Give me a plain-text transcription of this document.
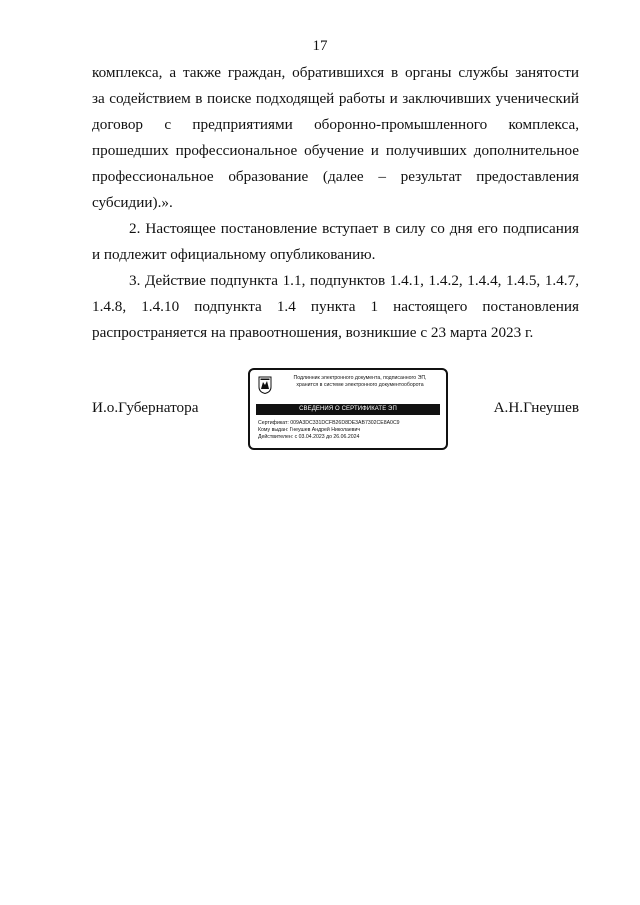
17
комплекса, а также граждан, обратившихся в органы службы занятости
за содействием в поиске подходящей работы и заключивших ученический
договор с предприятиями оборонно-промышленного комплекса,
прошедших профессиональное обучение и получивших дополнительное
профессиональное образование (далее – результат предоставления
субсидии).».
2. Настоящее постановление вступает в силу со дня его подписания
и подлежит официальному опубликованию.
3. Действие подпункта 1.1, подпунктов 1.4.1, 1.4.2, 1.4.4, 1.4.5, 1.4.7,
1.4.8, 1.4.10 подпункта 1.4 пункта 1 настоящего постановления
распространяется на правоотношения, возникшие с 23 марта 2023 г.
И.о.Губернатора
Подлинник электронного документа, подписанного ЭП,
хранится в системе электронного документооборота
СВЕДЕНИЯ О СЕРТИФИКАТЕ ЭП
Сертификат: 009A3DC331DCFB26D8DE3AB7302CE8A0C9
Кому выдан: Гнеушев Андрей Николаевич
Действителен: с 03.04.2023 до 26.06.2024
А.Н.Гнеушев
